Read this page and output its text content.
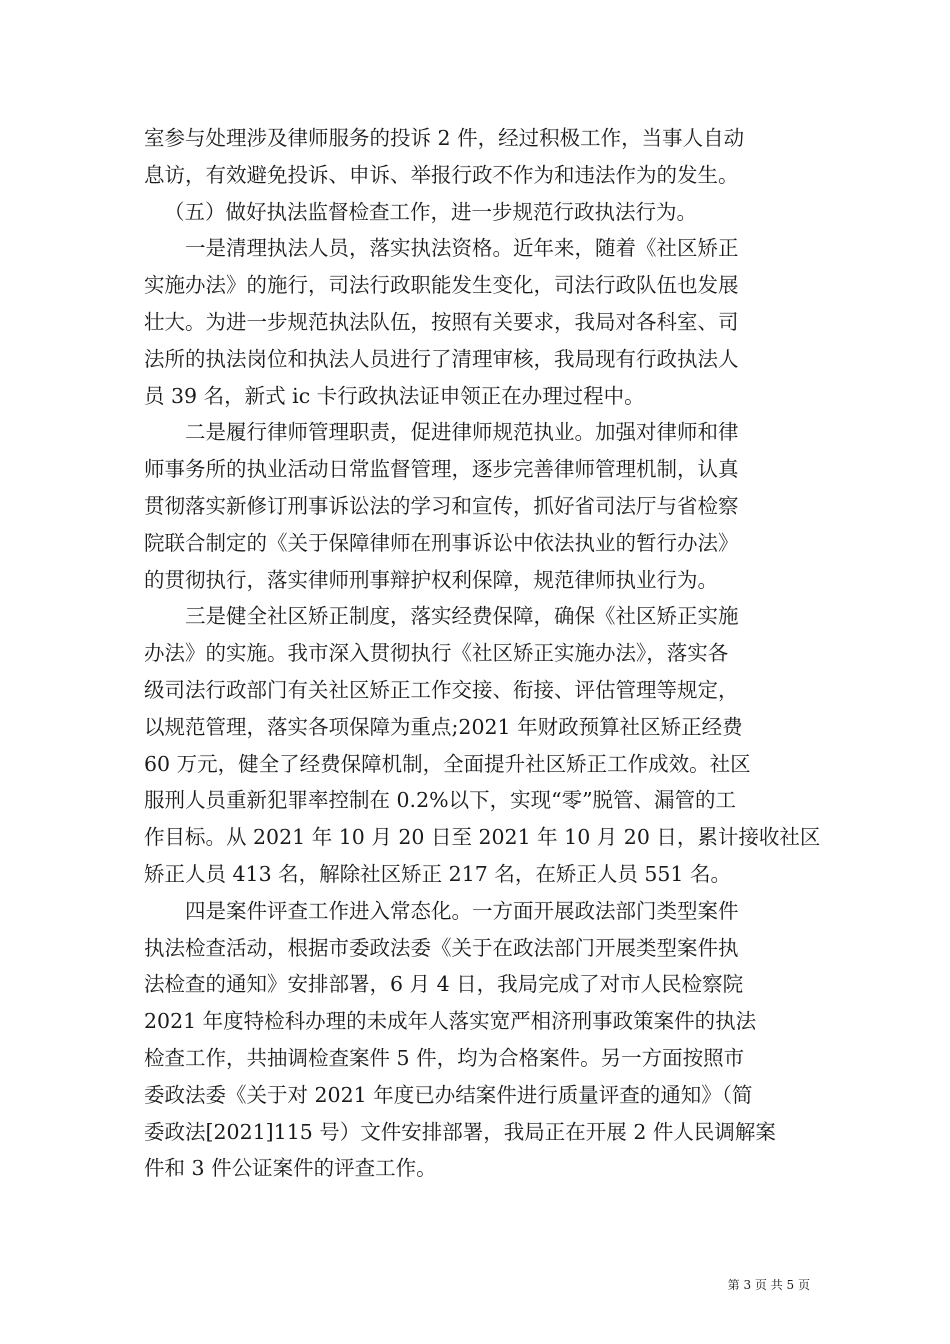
室参与处理涉及律师服务的投诉 2 件，经过积极工作，当事人自动
息访，有效避免投诉、申诉、举报行政不作为和违法作为的发生。
（五）做好执法监督检查工作，进一步规范行政执法行为。
一是清理执法人员，落实执法资格。近年来，随着《社区矫正
实施办法》的施行，司法行政职能发生变化，司法行政队伍也发展
壮大。为进一步规范执法队伍，按照有关要求，我局对各科室、司
法所的执法岗位和执法人员进行了清理审核，我局现有行政执法人
员 39 名，新式 ic 卡行政执法证申领正在办理过程中。
二是履行律师管理职责，促进律师规范执业。加强对律师和律
师事务所的执业活动日常监督管理，逐步完善律师管理机制，认真
贯彻落实新修订刑事诉讼法的学习和宣传，抓好省司法厅与省检察
院联合制定的《关于保障律师在刑事诉讼中依法执业的暂行办法》
的贯彻执行，落实律师刑事辩护权利保障，规范律师执业行为。
三是健全社区矫正制度，落实经费保障，确保《社区矫正实施
办法》的实施。我市深入贯彻执行《社区矫正实施办法》，落实各
级司法行政部门有关社区矫正工作交接、衔接、评估管理等规定，
以规范管理，落实各项保障为重点;2021 年财政预算社区矫正经费
60 万元，健全了经费保障机制，全面提升社区矫正工作成效。社区
服刑人员重新犯罪率控制在 0.2%以下，实现“零”脱管、漏管的工
作目标。从 2021 年 10 月 20 日至 2021 年 10 月 20 日，累计接收社区
矫正人员 413 名，解除社区矫正 217 名，在矫正人员 551 名。
四是案件评查工作进入常态化。一方面开展政法部门类型案件
执法检查活动，根据市委政法委《关于在政法部门开展类型案件执
法检查的通知》安排部署，6 月 4 日，我局完成了对市人民检察院
2021 年度特检科办理的未成年人落实宽严相济刑事政策案件的执法
检查工作，共抽调检查案件 5 件，均为合格案件。另一方面按照市
委政法委《关于对 2021 年度已办结案件进行质量评查的通知》（简
委政法[2021]115 号）文件安排部署，我局正在开展 2 件人民调解案
件和 3 件公证案件的评查工作。
第 3 页 共 5 页
